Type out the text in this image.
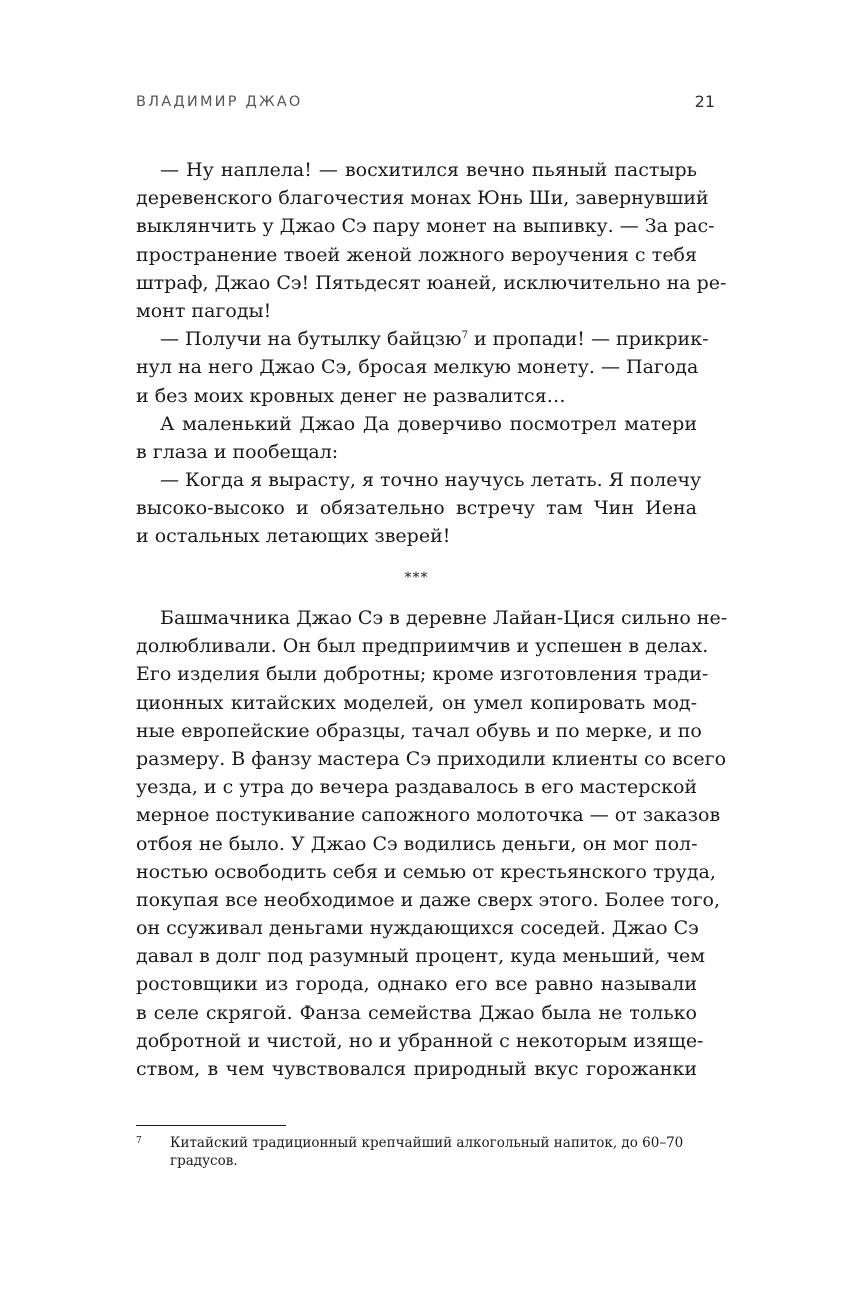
ВЛАДИМИР ДЖАО	21
— Ну наплела! — восхитился вечно пьяный пастырь
деревенского благочестия монах Юнь Ши, завернувший
выклянчить у Джао Сэ пару монет на выпивку. — За рас-
пространение твоей женой ложного вероучения с тебя
штраф, Джао Сэ! Пятьдесят юаней, исключительно на ре-
монт пагоды!
— Получи на бутылку байцзю$^7$ и пропади! — прикрик-
нул на него Джао Сэ, бросая мелкую монету. — Пагода
и без моих кровных денег не развалится…
А маленький Джао Да доверчиво посмотрел матери
в глаза и пообещал:
— Когда я вырасту, я точно научусь летать. Я полечу
высоко-высоко и обязательно встречу там Чин Иена
и остальных летающих зверей!
***
Башмачника Джао Сэ в деревне Лайан-Цися сильно не-
долюбливали. Он был предприимчив и успешен в делах.
Его изделия были добротны; кроме изготовления тради-
ционных китайских моделей, он умел копировать мод-
ные европейские образцы, тачал обувь и по мерке, и по
размеру. В фанзу мастера Сэ приходили клиенты со всего
уезда, и с утра до вечера раздавалось в его мастерской
мерное постукивание сапожного молоточка — от заказов
отбоя не было. У Джао Сэ водились деньги, он мог пол-
ностью освободить себя и семью от крестьянского труда,
покупая все необходимое и даже сверх этого. Более того,
он ссуживал деньгами нуждающихся соседей. Джао Сэ
давал в долг под разумный процент, куда меньший, чем
ростовщики из города, однако его все равно называли
в селе скрягой. Фанза семейства Джао была не только
добротной и чистой, но и убранной с некоторым изяще-
ством, в чем чувствовался природный вкус горожанки
7 Китайский традиционный крепчайший алкогольный напиток, до 60–70
градусов.
